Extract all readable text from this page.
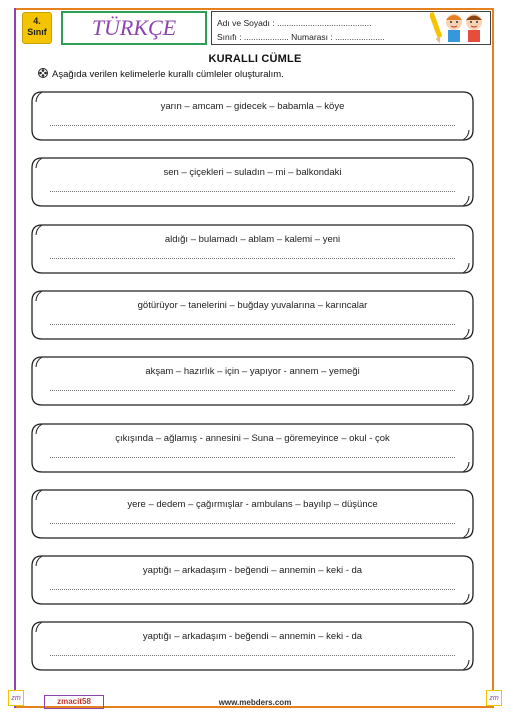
4.
Sınıf	TÜRKÇE	Adı ve Soyadı : ........................................
Sınıfı : ................... Numarası : .....................
KURALLI CÜMLE
Aşağıda verilen kelimelerle kurallı cümleler oluşturalım.
yarın – amcam – gidecek – babamla – köye
sen – çiçekleri – suladın – mi – balkondaki
aldığı – bulamadı – ablam – kalemi – yeni
götürüyor – tanelerini – buğday yuvalarına – karıncalar
akşam – hazırlık – için – yapıyor - annem – yemeği
çıkışında – ağlamış - annesini – Suna – göremeyince – okul - çok
yere – dedem – çağırmışlar - ambulans – bayılıp – düşünce
yaptığı – arkadaşım - beğendi – annemin – keki - da
yaptığı – arkadaşım - beğendi – annemin – keki - da
zm	zm
zmacit58	www.mebders.com
